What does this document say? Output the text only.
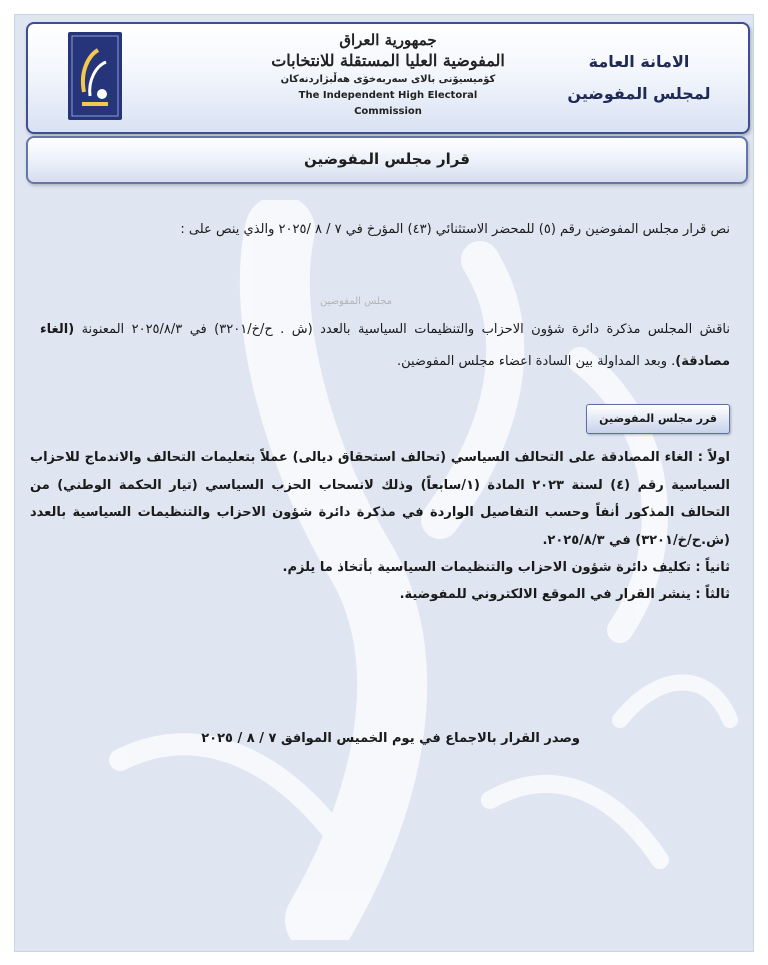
جمهورية العراق
المفوضية العليا المستقلة للانتخابات
كۆمیسیۆنی بالای سەربەخۆی هەڵبژاردنەکان
The Independent High Electoral Commission
الامانة العامة
لمجلس المفوضين
قرار مجلس المفوضين
مجلس المفوضين

نص قرار مجلس المفوضين رقم (٥) للمحضر الاستثنائي (٤٣) المؤرخ في ٧ / ٨ /٢٠٢٥ والذي ينص على :

ناقش المجلس مذكرة دائرة شؤون الاحزاب والتنظيمات السياسية بالعدد (ش . ح/خ/٣٢٠١) في ٢٠٢٥/٨/٣ المعنونة (الغاء مصادقة). وبعد المداولة بين السادة اعضاء مجلس المفوضين.

قرر مجلس المفوضين

اولاً : الغاء المصادقة على التحالف السياسي (تحالف استحقاق ديالى) عملاً بتعليمات التحالف والاندماج للاحزاب السياسية رقم (٤) لسنة ٢٠٢٣ المادة (١/سابعاً) وذلك لانسحاب الحزب السياسي (تيار الحكمة الوطني) من التحالف المذكور أنفاً وحسب التفاصيل الواردة في مذكرة دائرة شؤون الاحزاب والتنظيمات السياسية بالعدد (ش.ح/خ/٣٢٠١) في ٢٠٢٥/٨/٣.

ثانياً : تكليف دائرة شؤون الاحزاب والتنظيمات السياسية بأتخاذ ما يلزم.

ثالثاً : ينشر القرار في الموقع الالكتروني للمفوضية.

وصدر القرار بالاجماع في يوم الخميس الموافق ٧ / ٨ / ٢٠٢٥
